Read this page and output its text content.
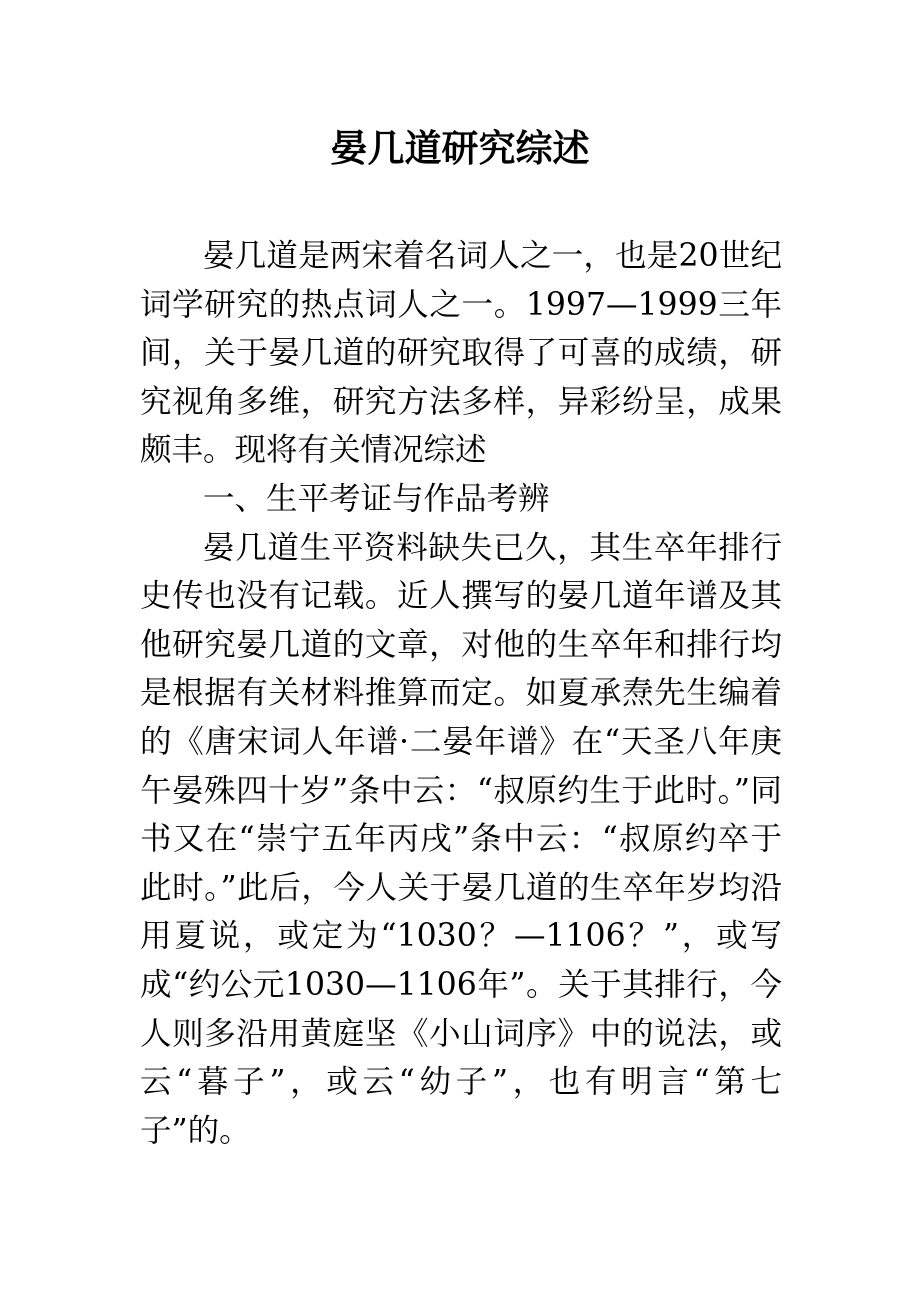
晏几道研究综述

晏几道是两宋着名词人之一，也是20世纪词学研究的热点词人之一。1997—1999三年间，关于晏几道的研究取得了可喜的成绩，研究视角多维，研究方法多样，异彩纷呈，成果颇丰。现将有关情况综述

一、生平考证与作品考辨

晏几道生平资料缺失已久，其生卒年排行史传也没有记载。近人撰写的晏几道年谱及其他研究晏几道的文章，对他的生卒年和排行均是根据有关材料推算而定。如夏承焘先生编着的《唐宋词人年谱·二晏年谱》在“天圣八年庚午晏殊四十岁”条中云：“叔原约生于此时。”同书又在“崇宁五年丙戌”条中云：“叔原约卒于此时。”此后，今人关于晏几道的生卒年岁均沿用夏说，或定为“1030？—1106？”，或写成“约公元1030—1106年”。关于其排行，今人则多沿用黄庭坚《小山词序》中的说法，或云“暮子”，或云“幼子”，也有明言“第七子”的。
